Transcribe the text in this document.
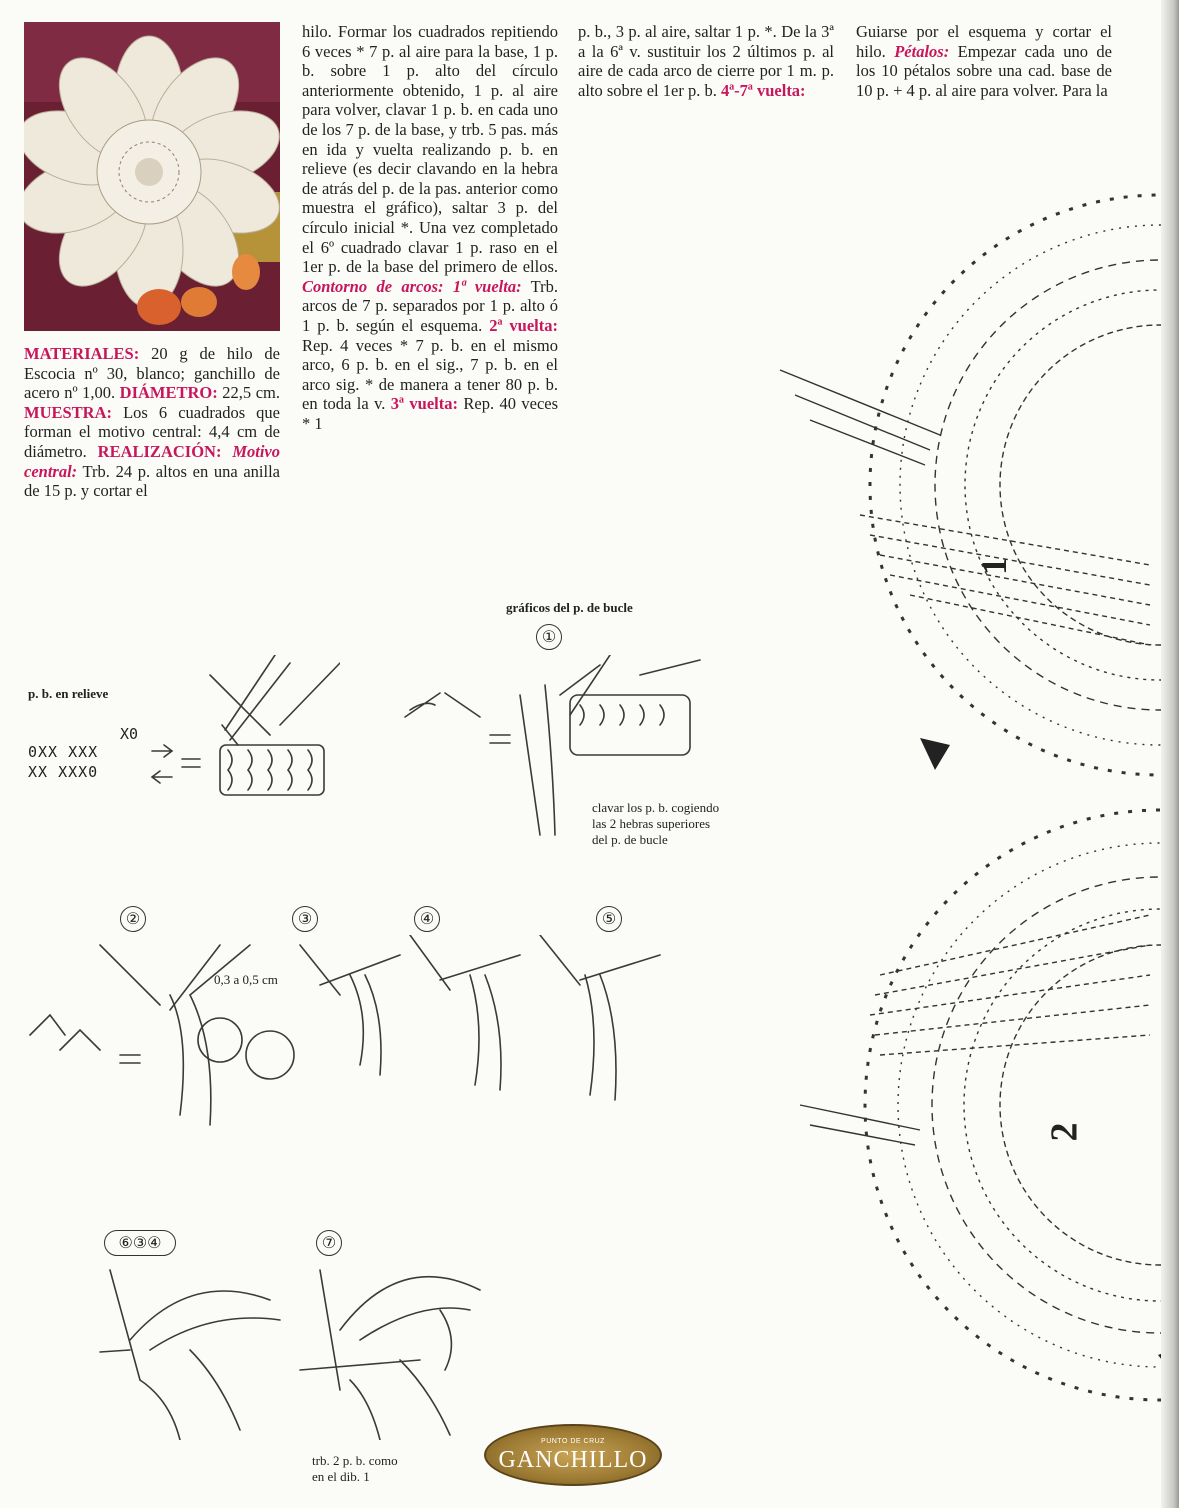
MATERIALES: 20 g de hilo de Escocia nº 30, blanco; ganchillo de acero nº 1,00. DIÁMETRO: 22,5 cm. MUESTRA: Los 6 cuadrados que forman el motivo central: 4,4 cm de diámetro. REALIZACIÓN: Motivo central: Trb. 24 p. altos en una anilla de 15 p. y cortar el

hilo. Formar los cuadrados repitiendo 6 veces * 7 p. al aire para la base, 1 p. b. sobre 1 p. alto del círculo anteriormente obtenido, 1 p. al aire para volver, clavar 1 p. b. en cada uno de los 7 p. de la base, y trb. 5 pas. más en ida y vuelta realizando p. b. en relieve (es decir clavando en la hebra de atrás del p. de la pas. anterior como muestra el gráfico), saltar 3 p. del círculo inicial *. Una vez completado el 6º cuadrado clavar 1 p. raso en el 1er p. de la base del primero de ellos. Contorno de arcos: 1ª vuelta: Trb. arcos de 7 p. separados por 1 p. alto ó 1 p. b. según el esquema. 2ª vuelta: Rep. 4 veces * 7 p. b. en el mismo arco, 6 p. b. en el sig., 7 p. b. en el arco sig. * de manera a tener 80 p. b. en toda la v. 3ª vuelta: Rep. 40 veces * 1

p. b., 3 p. al aire, saltar 1 p. *. De la 3ª a la 6ª v. sustituir los 2 últimos p. al aire de cada arco de cierre por 1 m. p. alto sobre el 1er p. b. 4ª-7ª vuelta:

Guiarse por el esquema y cortar el hilo. Pétalos: Empezar cada uno de los 10 pétalos sobre una cad. base de 10 p. + 4 p. al aire para volver. Para la

1
2
p. b. en relieve
X0
0XX XXX
XX XXX0
gráficos del p. de bucle
①
clavar los p. b. cogiendo
las 2 hebras superiores
del p. de bucle
②	③	④	⑤
0,3 a 0,5 cm
⑥③④	⑦
trb. 2 p. b. como
en el dib. 1
PUNTO DE CRUZ
GANCHILLO
